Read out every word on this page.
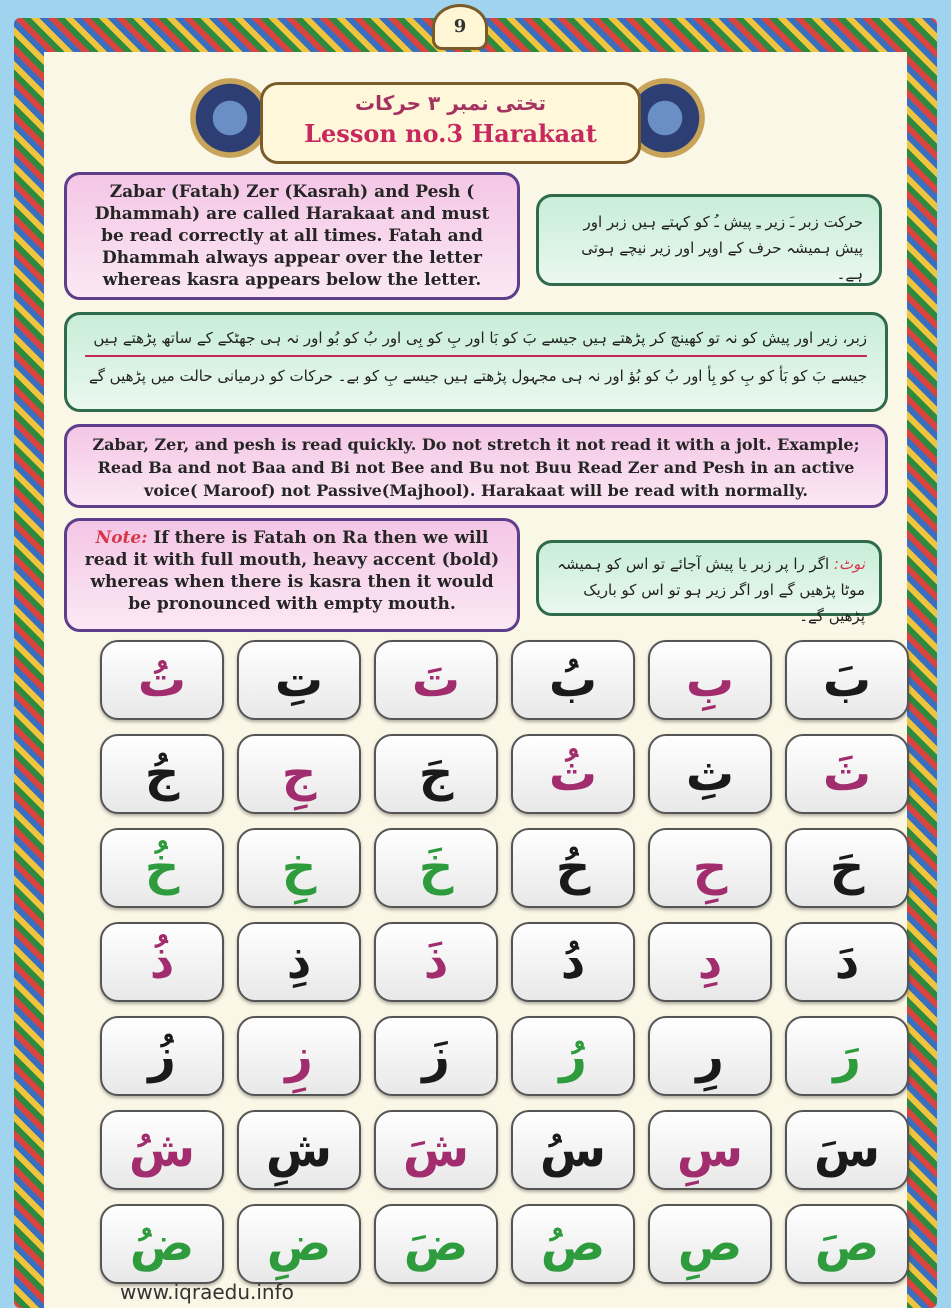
9
تختی نمبر ۳ حرکات
Lesson no.3 Harakaat
Zabar (Fatah) Zer (Kasrah) and Pesh ( Dhammah) are called Harakaat and must be read correctly at all times. Fatah and Dhammah always appear over the letter whereas kasra appears below the letter.
حرکت زبر ـَ زیر ـِ پیش ـُ کو کہتے ہیں زبر اور پیش ہمیشہ حرف کے اوپر اور زیر نیچے ہوتی ہے۔
زبر، زیر اور پیش کو نہ تو کھینچ کر پڑھتے ہیں جیسے بَ کو بَا اور بِ کو بِی اور بُ کو بُو اور نہ ہی جھٹکے کے ساتھ پڑھتے ہیں
جیسے بَ کو بَأ کو بِ کو بِأ اور بُ کو بُؤ اور نہ ہی مجہول پڑھتے ہیں جیسے بِ کو بے۔ حرکات کو درمیانی حالت میں پڑھیں گے
Zabar, Zer, and pesh is read quickly. Do not stretch it not read it with a jolt. Example; Read Ba and not Baa and Bi not Bee and Bu not Buu Read Zer and Pesh in an active voice( Maroof) not Passive(Majhool). Harakaat will be read with normally.
Note: If there is Fatah on Ra then we will read it with full mouth, heavy accent (bold) whereas when there is kasra then it would be pronounced with empty mouth.
نوٹ: اگر را پر زبر یا پیش آجائے تو اس کو ہمیشہ موٹا پڑھیں گے اور اگر زیر ہو تو اس کو باریک پڑھیں گے۔
تُ	تِ	تَ	بُ	بِ	بَ
جُ	جِ	جَ	ثُ	ثِ	ثَ
خُ	خِ	خَ	حُ	حِ	حَ
ذُ	ذِ	ذَ	دُ	دِ	دَ
زُ	زِ	زَ	رُ	رِ	رَ
شُ	شِ	شَ	سُ	سِ	سَ
ضُ	ضِ	ضَ	صُ	صِ	صَ
www.iqraedu.info
